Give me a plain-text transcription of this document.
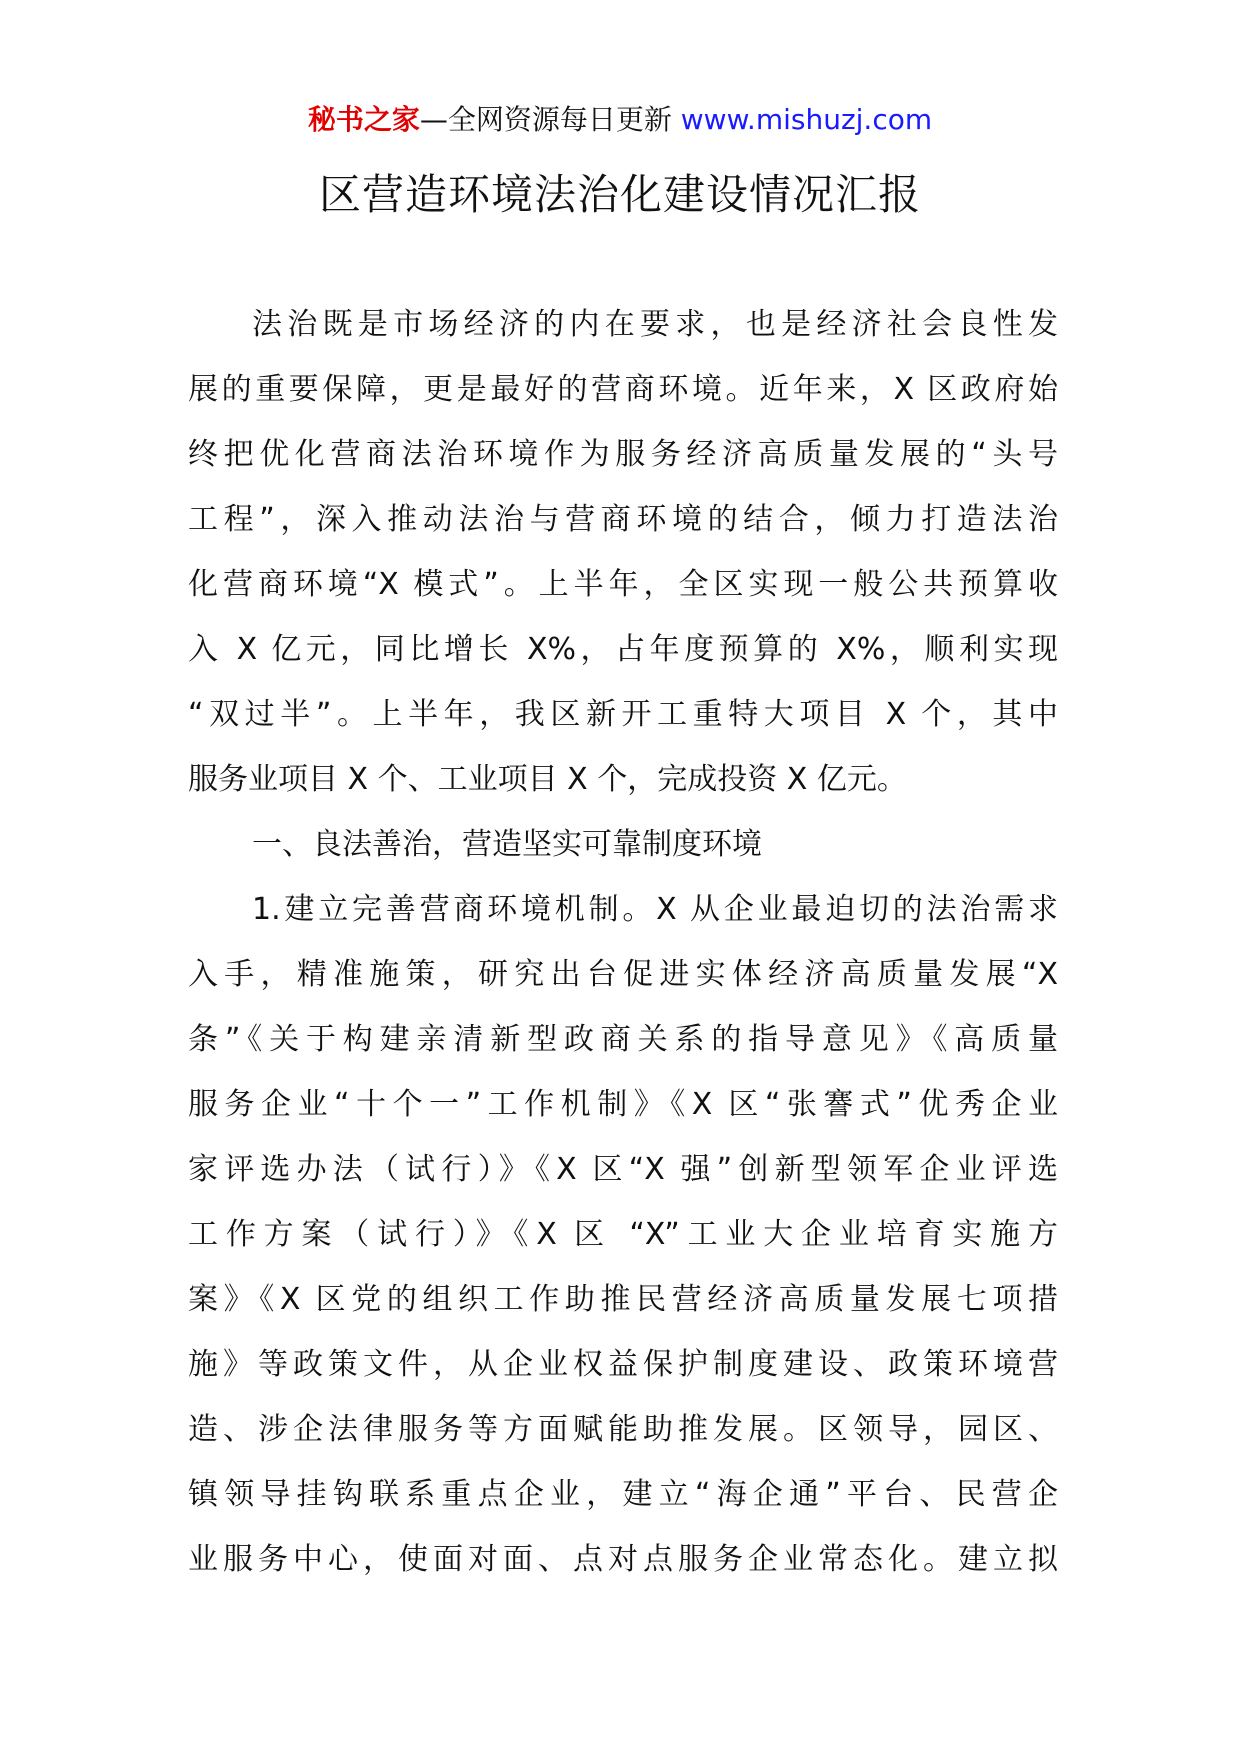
秘书之家—全网资源每日更新 www.mishuzj.com
区营造环境法治化建设情况汇报
法治既是市场经济的内在要求，也是经济社会良性发
展的重要保障，更是最好的营商环境。近年来，X 区政府始
终把优化营商法治环境作为服务经济高质量发展的“头号
工程”，深入推动法治与营商环境的结合，倾力打造法治
化营商环境“X 模式”。上半年，全区实现一般公共预算收
入 X 亿元，同比增长 X%，占年度预算的 X%，顺利实现
“双过半”。上半年，我区新开工重特大项目 X 个，其中
服务业项目 X 个、工业项目 X 个，完成投资 X 亿元。
一、良法善治，营造坚实可靠制度环境
1.建立完善营商环境机制。X 从企业最迫切的法治需求
入手，精准施策，研究出台促进实体经济高质量发展“X
条”《关于构建亲清新型政商关系的指导意见》《高质量
服务企业“十个一”工作机制》《X 区“张謇式”优秀企业
家评选办法（试行）》《X 区“X 强”创新型领军企业评选
工作方案（试行）》《X 区 “X”工业大企业培育实施方
案》《X 区党的组织工作助推民营经济高质量发展七项措
施》等政策文件，从企业权益保护制度建设、政策环境营
造、涉企法律服务等方面赋能助推发展。区领导，园区、
镇领导挂钩联系重点企业，建立“海企通”平台、民营企
业服务中心，使面对面、点对点服务企业常态化。建立拟
